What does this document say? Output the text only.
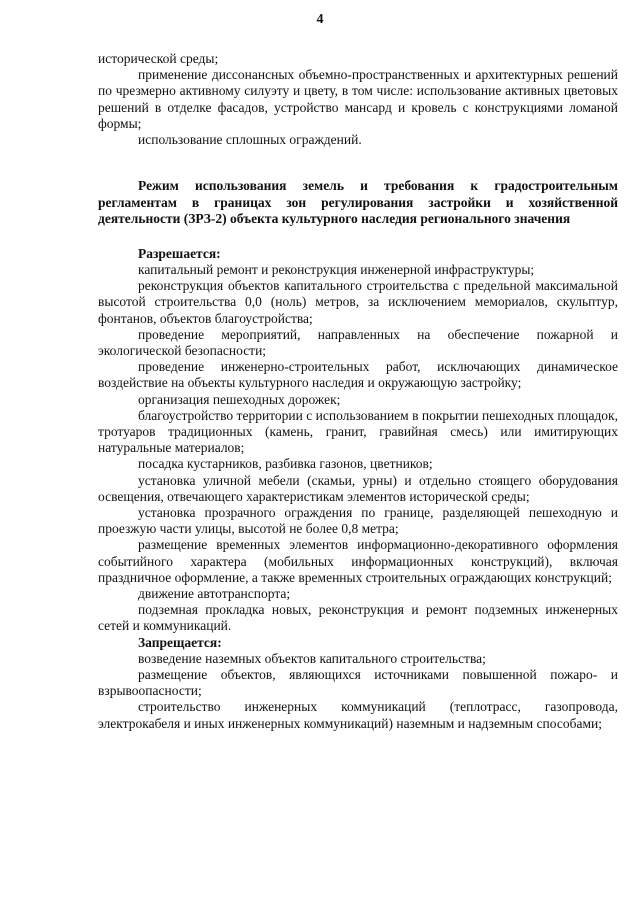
4

исторической среды;

применение диссонансных объемно-пространственных и архитектурных решений по чрезмерно активному силуэту и цвету, в том числе: использование активных цветовых решений в отделке фасадов, устройство мансард и кровель с конструкциями ломаной формы;

использование сплошных ограждений.

Режим использования земель и требования к градостроительным регламентам в границах зон регулирования застройки и хозяйственной деятельности (ЗРЗ-2) объекта культурного наследия регионального значения

Разрешается:

капитальный ремонт и реконструкция инженерной инфраструктуры;

реконструкция объектов капитального строительства с предельной максимальной высотой строительства 0,0 (ноль) метров, за исключением мемориалов, скульптур, фонтанов, объектов благоустройства;

проведение мероприятий, направленных на обеспечение пожарной и экологической безопасности;

проведение инженерно-строительных работ, исключающих динамическое воздействие на объекты культурного наследия и окружающую застройку;

организация пешеходных дорожек;

благоустройство территории с использованием в покрытии пешеходных площадок, тротуаров традиционных (камень, гранит, гравийная смесь) или имитирующих натуральные материалов;

посадка кустарников, разбивка газонов, цветников;

установка уличной мебели (скамьи, урны) и отдельно стоящего оборудования освещения, отвечающего характеристикам элементов исторической среды;

установка прозрачного ограждения по границе, разделяющей пешеходную и проезжую части улицы, высотой не более 0,8 метра;

размещение временных элементов информационно-декоративного оформления событийного характера (мобильных информационных конструкций), включая праздничное оформление, а также временных строительных ограждающих конструкций;

движение автотранспорта;

подземная прокладка новых, реконструкция и ремонт подземных инженерных сетей и коммуникаций.

Запрещается:

возведение наземных объектов капитального строительства;

размещение объектов, являющихся источниками повышенной пожаро- и взрывоопасности;

строительство инженерных коммуникаций (теплотрасс, газопровода, электрокабеля и иных инженерных коммуникаций) наземным и надземным способами;
